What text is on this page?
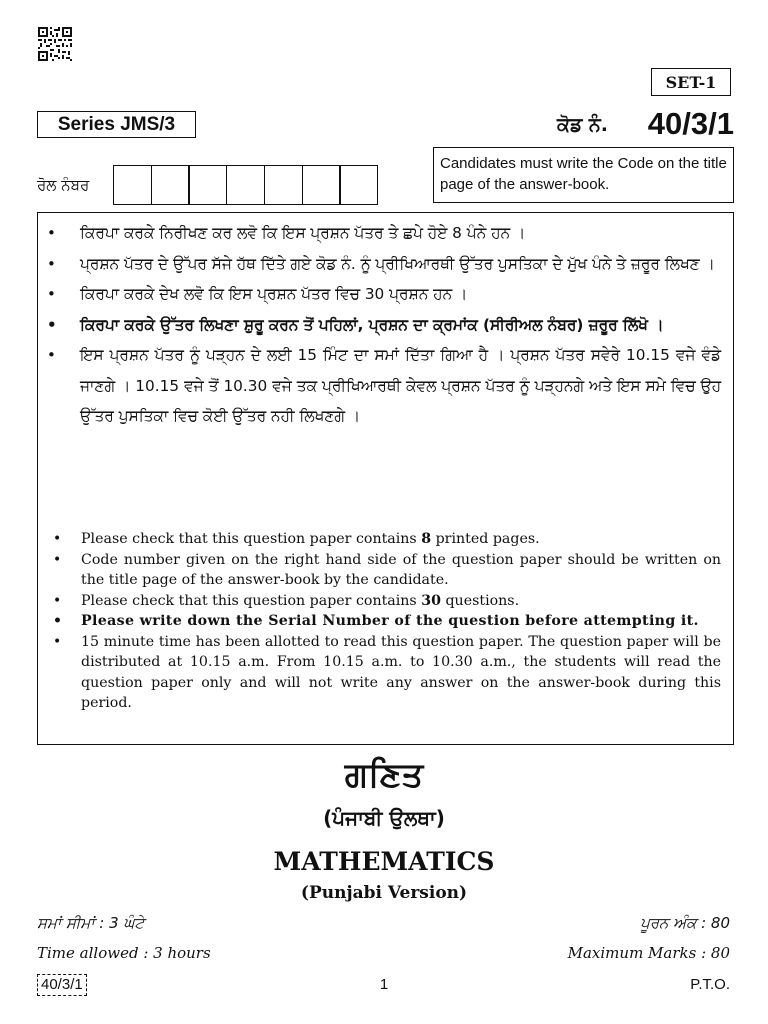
SET-1
Series JMS/3	ਕੋਡ ਨੰ.	40/3/1
ਰੋਲ ਨੰਬਰ
Candidates must write the Code on the title page of the answer-book.
• ਕਿਰਪਾ ਕਰਕੇ ਨਿਰੀਖਣ ਕਰ ਲਵੋ ਕਿ ਇਸ ਪ੍ਰਸ਼ਨ ਪੱਤਰ ਤੇ ਛਪੇ ਹੋਏ 8 ਪੰਨੇ ਹਨ ।
• ਪ੍ਰਸ਼ਨ ਪੱਤਰ ਦੇ ਉੱਪਰ ਸੱਜੇ ਹੱਥ ਦਿੱਤੇ ਗਏ ਕੋਡ ਨੰ. ਨੂੰ ਪ੍ਰੀਖਿਆਰਥੀ ਉੱਤਰ ਪੁਸਤਿਕਾ ਦੇ ਮੁੱਖ ਪੰਨੇ ਤੇ ਜ਼ਰੂਰ ਲਿਖਣ ।
• ਕਿਰਪਾ ਕਰਕੇ ਦੇਖ ਲਵੋ ਕਿ ਇਸ ਪ੍ਰਸ਼ਨ ਪੱਤਰ ਵਿਚ 30 ਪ੍ਰਸ਼ਨ ਹਨ ।
• ਕਿਰਪਾ ਕਰਕੇ ਉੱਤਰ ਲਿਖਣਾ ਸ਼ੁਰੂ ਕਰਨ ਤੋਂ ਪਹਿਲਾਂ, ਪ੍ਰਸ਼ਨ ਦਾ ਕ੍ਰਮਾਂਕ (ਸੀਰੀਅਲ ਨੰਬਰ) ਜ਼ਰੂਰ ਲਿੱਖੋ ।
• ਇਸ ਪ੍ਰਸ਼ਨ ਪੱਤਰ ਨੂੰ ਪੜ੍ਹਨ ਦੇ ਲਈ 15 ਮਿੰਟ ਦਾ ਸਮਾਂ ਦਿੱਤਾ ਗਿਆ ਹੈ । ਪ੍ਰਸ਼ਨ ਪੱਤਰ ਸਵੇਰੇ 10.15 ਵਜੇ ਵੰਡੇ ਜਾਣਗੇ । 10.15 ਵਜੇ ਤੋਂ 10.30 ਵਜੇ ਤਕ ਪ੍ਰੀਖਿਆਰਥੀ ਕੇਵਲ ਪ੍ਰਸ਼ਨ ਪੱਤਰ ਨੂੰ ਪੜ੍ਹਨਗੇ ਅਤੇ ਇਸ ਸਮੇ ਵਿਚ ਉਹ ਉੱਤਰ ਪੁਸਤਿਕਾ ਵਿਚ ਕੋਈ ਉੱਤਰ ਨਹੀ ਲਿਖਣਗੇ ।
• Please check that this question paper contains 8 printed pages.
• Code number given on the right hand side of the question paper should be written on the title page of the answer-book by the candidate.
• Please check that this question paper contains 30 questions.
• Please write down the Serial Number of the question before attempting it.
• 15 minute time has been allotted to read this question paper. The question paper will be distributed at 10.15 a.m. From 10.15 a.m. to 10.30 a.m., the students will read the question paper only and will not write any answer on the answer-book during this period.
ਗਣਿਤ
(ਪੰਜਾਬੀ ਉਲਥਾ)
MATHEMATICS
(Punjabi Version)
ਸਮਾਂ ਸੀਮਾਂ : 3 ਘੰਟੇ	ਪੂਰਨ ਅੰਕ : 80
Time allowed : 3 hours	Maximum Marks : 80
40/3/1	1	P.T.O.
